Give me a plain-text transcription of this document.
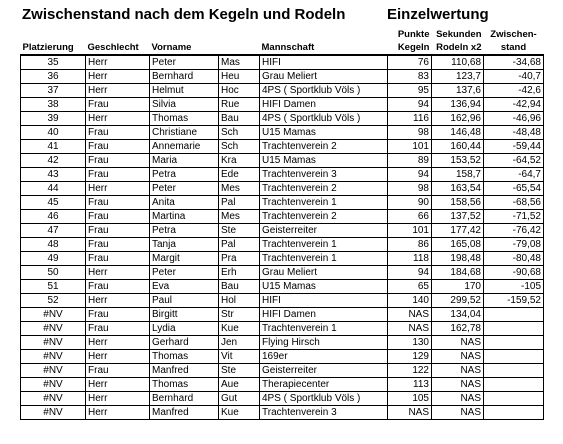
Zwischenstand nach dem Kegeln und Rodeln	Einzelwertung
					Punkte	Sekunden	Zwischen-
Platzierung	Geschlecht	Vorname		Mannschaft	Kegeln	Rodeln x2	stand
35	Herr	Peter	Mas	HIFI	76	110,68	-34,68
36	Herr	Bernhard	Heu	Grau Meliert	83	123,7	-40,7
37	Herr	Helmut	Hoc	4PS ( Sportklub Völs )	95	137,6	-42,6
38	Frau	Silvia	Rue	HIFI Damen	94	136,94	-42,94
39	Herr	Thomas	Bau	4PS ( Sportklub Völs )	116	162,96	-46,96
40	Frau	Christiane	Sch	U15 Mamas	98	146,48	-48,48
41	Frau	Annemarie	Sch	Trachtenverein 2	101	160,44	-59,44
42	Frau	Maria	Kra	U15 Mamas	89	153,52	-64,52
43	Frau	Petra	Ede	Trachtenverein 3	94	158,7	-64,7
44	Herr	Peter	Mes	Trachtenverein 2	98	163,54	-65,54
45	Frau	Anita	Pal	Trachtenverein 1	90	158,56	-68,56
46	Frau	Martina	Mes	Trachtenverein 2	66	137,52	-71,52
47	Frau	Petra	Ste	Geisterreiter	101	177,42	-76,42
48	Frau	Tanja	Pal	Trachtenverein 1	86	165,08	-79,08
49	Frau	Margit	Pra	Trachtenverein 1	118	198,48	-80,48
50	Herr	Peter	Erh	Grau Meliert	94	184,68	-90,68
51	Frau	Eva	Bau	U15 Mamas	65	170	-105
52	Herr	Paul	Hol	HIFI	140	299,52	-159,52
#NV	Frau	Birgitt	Str	HIFI Damen	NAS	134,04	
#NV	Frau	Lydia	Kue	Trachtenverein 1	NAS	162,78	
#NV	Herr	Gerhard	Jen	Flying Hirsch	130	NAS	
#NV	Herr	Thomas	Vit	169er	129	NAS	
#NV	Frau	Manfred	Ste	Geisterreiter	122	NAS	
#NV	Herr	Thomas	Aue	Therapiecenter	113	NAS	
#NV	Herr	Bernhard	Gut	4PS ( Sportklub Völs )	105	NAS	
#NV	Herr	Manfred	Kue	Trachtenverein 3	NAS	NAS	
